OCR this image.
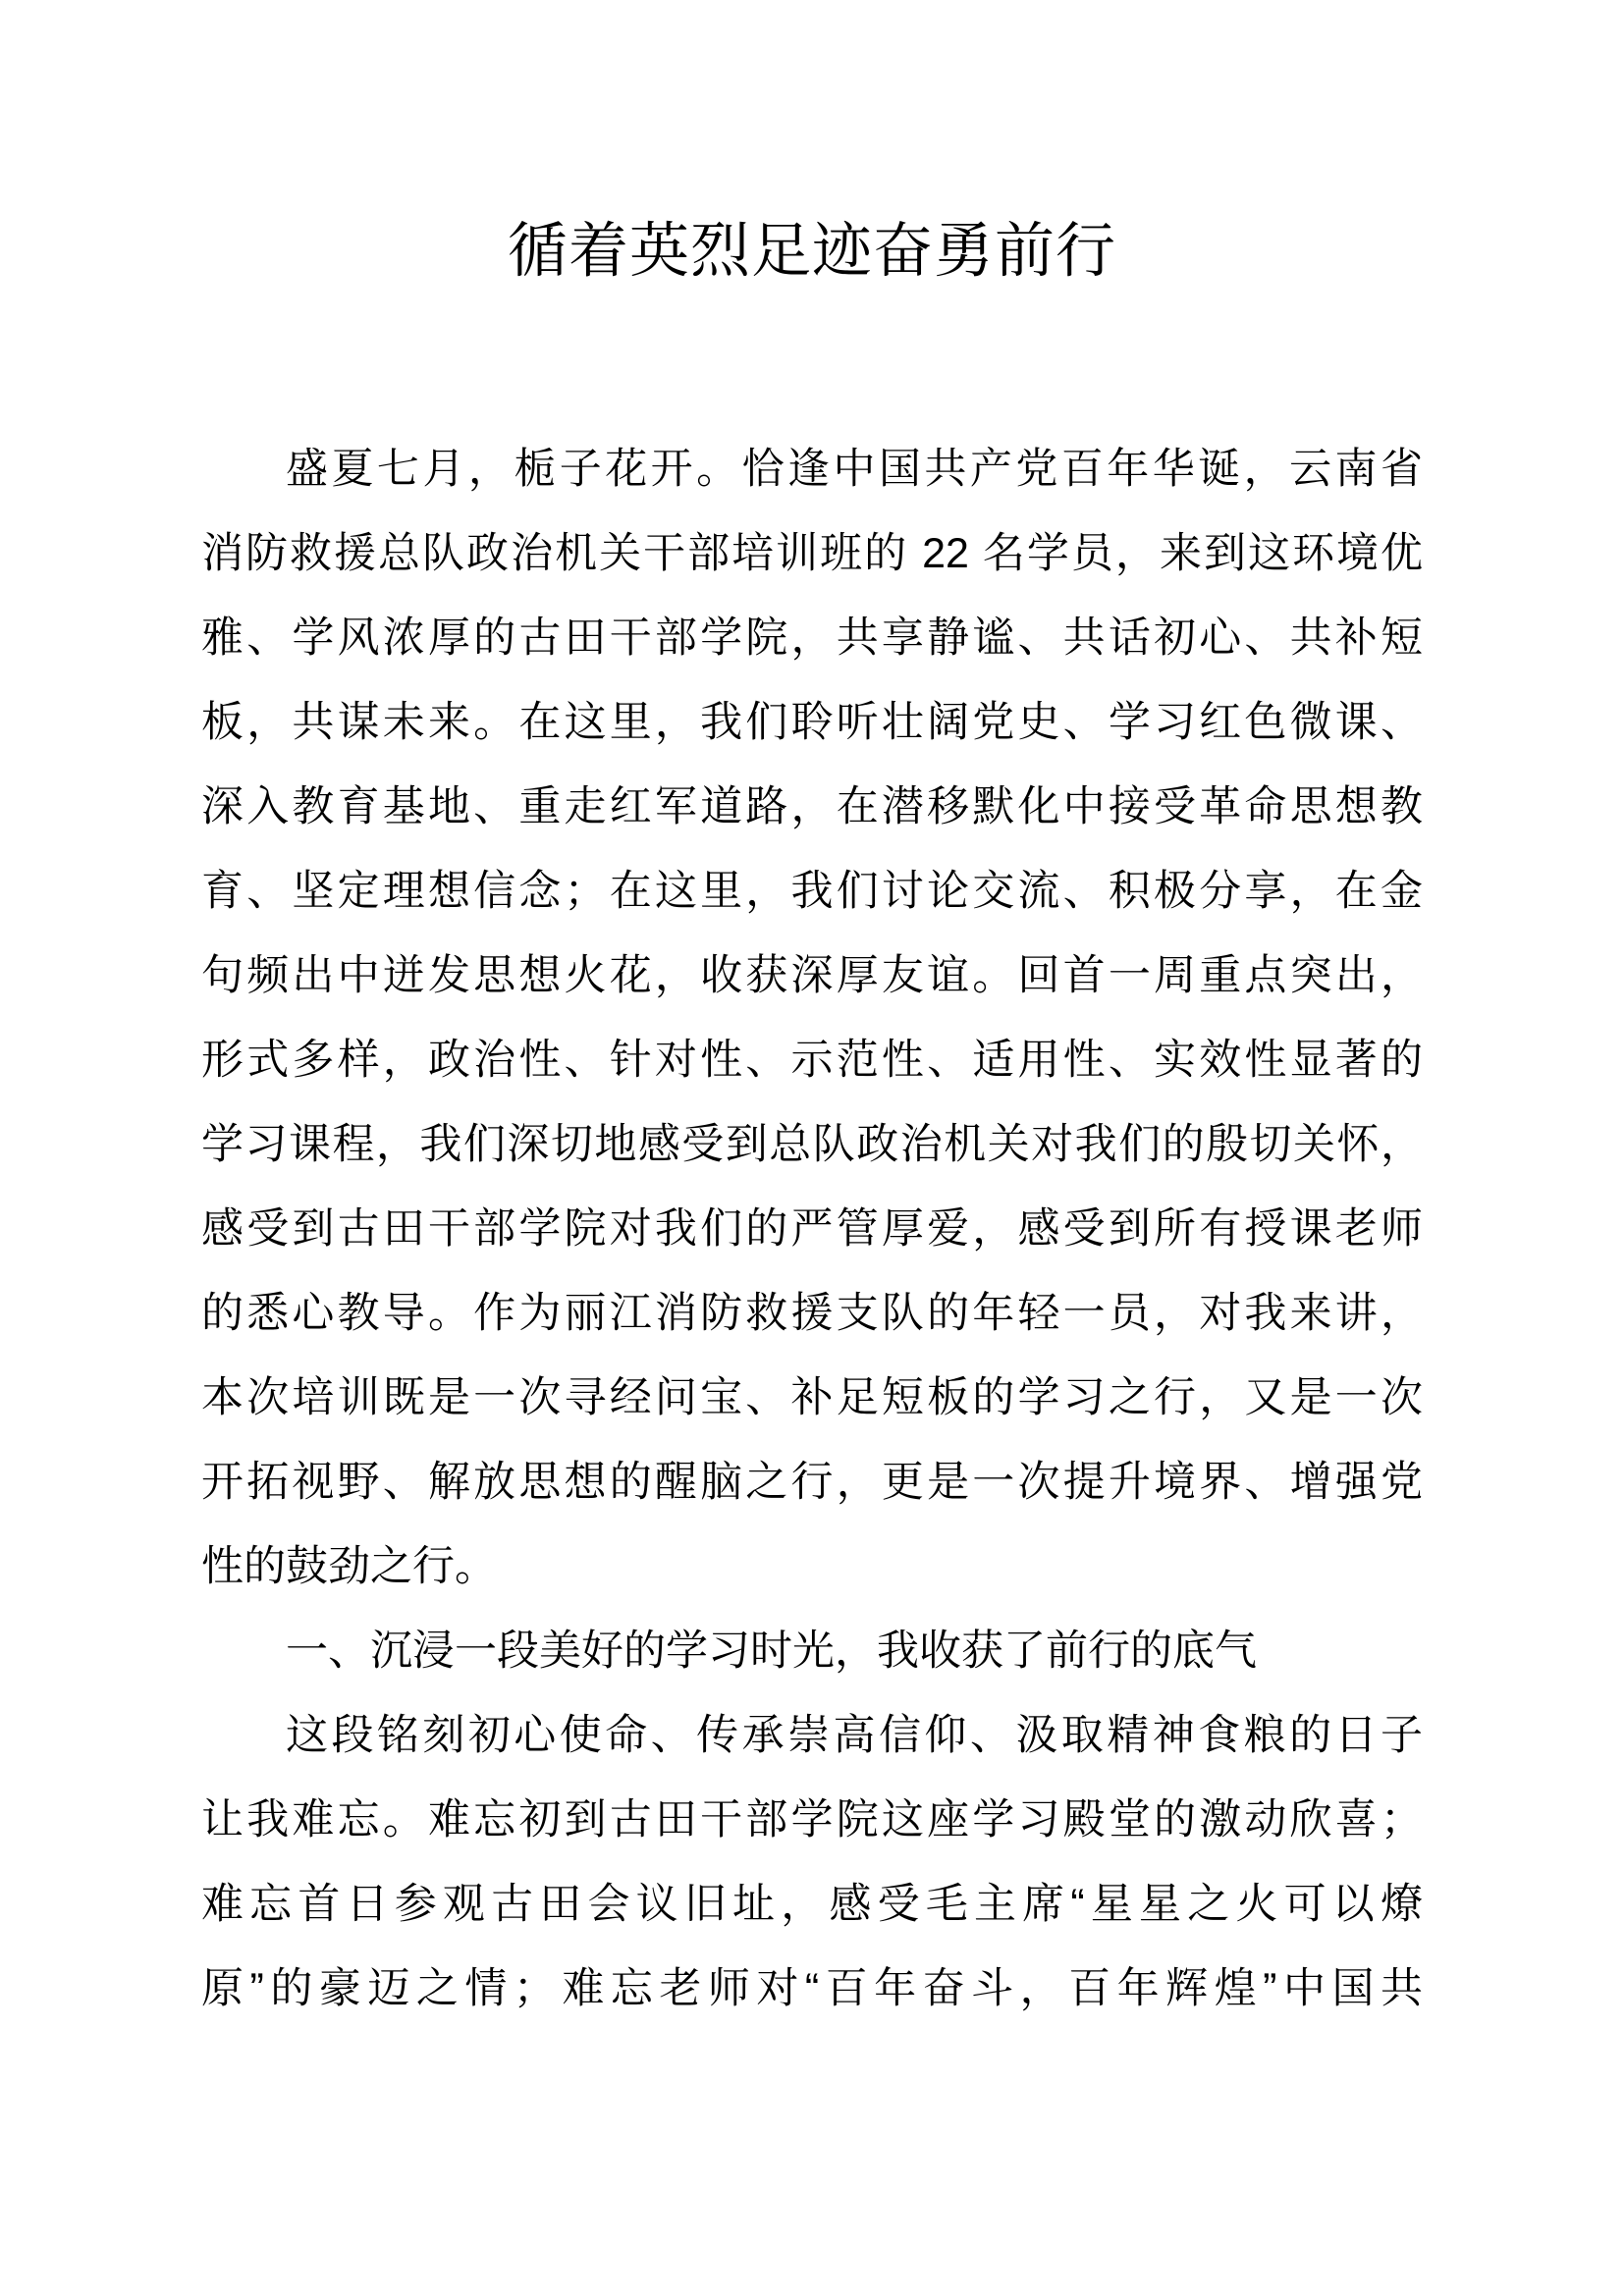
循着英烈足迹奋勇前行
盛夏七月，栀子花开。恰逢中国共产党百年华诞，云南省
消防救援总队政治机关干部培训班的 22 名学员，来到这环境优
雅、学风浓厚的古田干部学院，共享静谧、共话初心、共补短
板，共谋未来。在这里，我们聆听壮阔党史、学习红色微课、
深入教育基地、重走红军道路，在潜移默化中接受革命思想教
育、坚定理想信念；在这里，我们讨论交流、积极分享，在金
句频出中迸发思想火花，收获深厚友谊。回首一周重点突出，
形式多样，政治性、针对性、示范性、适用性、实效性显著的
学习课程，我们深切地感受到总队政治机关对我们的殷切关怀，
感受到古田干部学院对我们的严管厚爱，感受到所有授课老师
的悉心教导。作为丽江消防救援支队的年轻一员，对我来讲，
本次培训既是一次寻经问宝、补足短板的学习之行，又是一次
开拓视野、解放思想的醒脑之行，更是一次提升境界、增强党
性的鼓劲之行。
一、沉浸一段美好的学习时光，我收获了前行的底气
这段铭刻初心使命、传承崇高信仰、汲取精神食粮的日子
让我难忘。难忘初到古田干部学院这座学习殿堂的激动欣喜；
难忘首日参观古田会议旧址，感受毛主席“星星之火可以燎
原”的豪迈之情；难忘老师对“百年奋斗，百年辉煌”中国共
